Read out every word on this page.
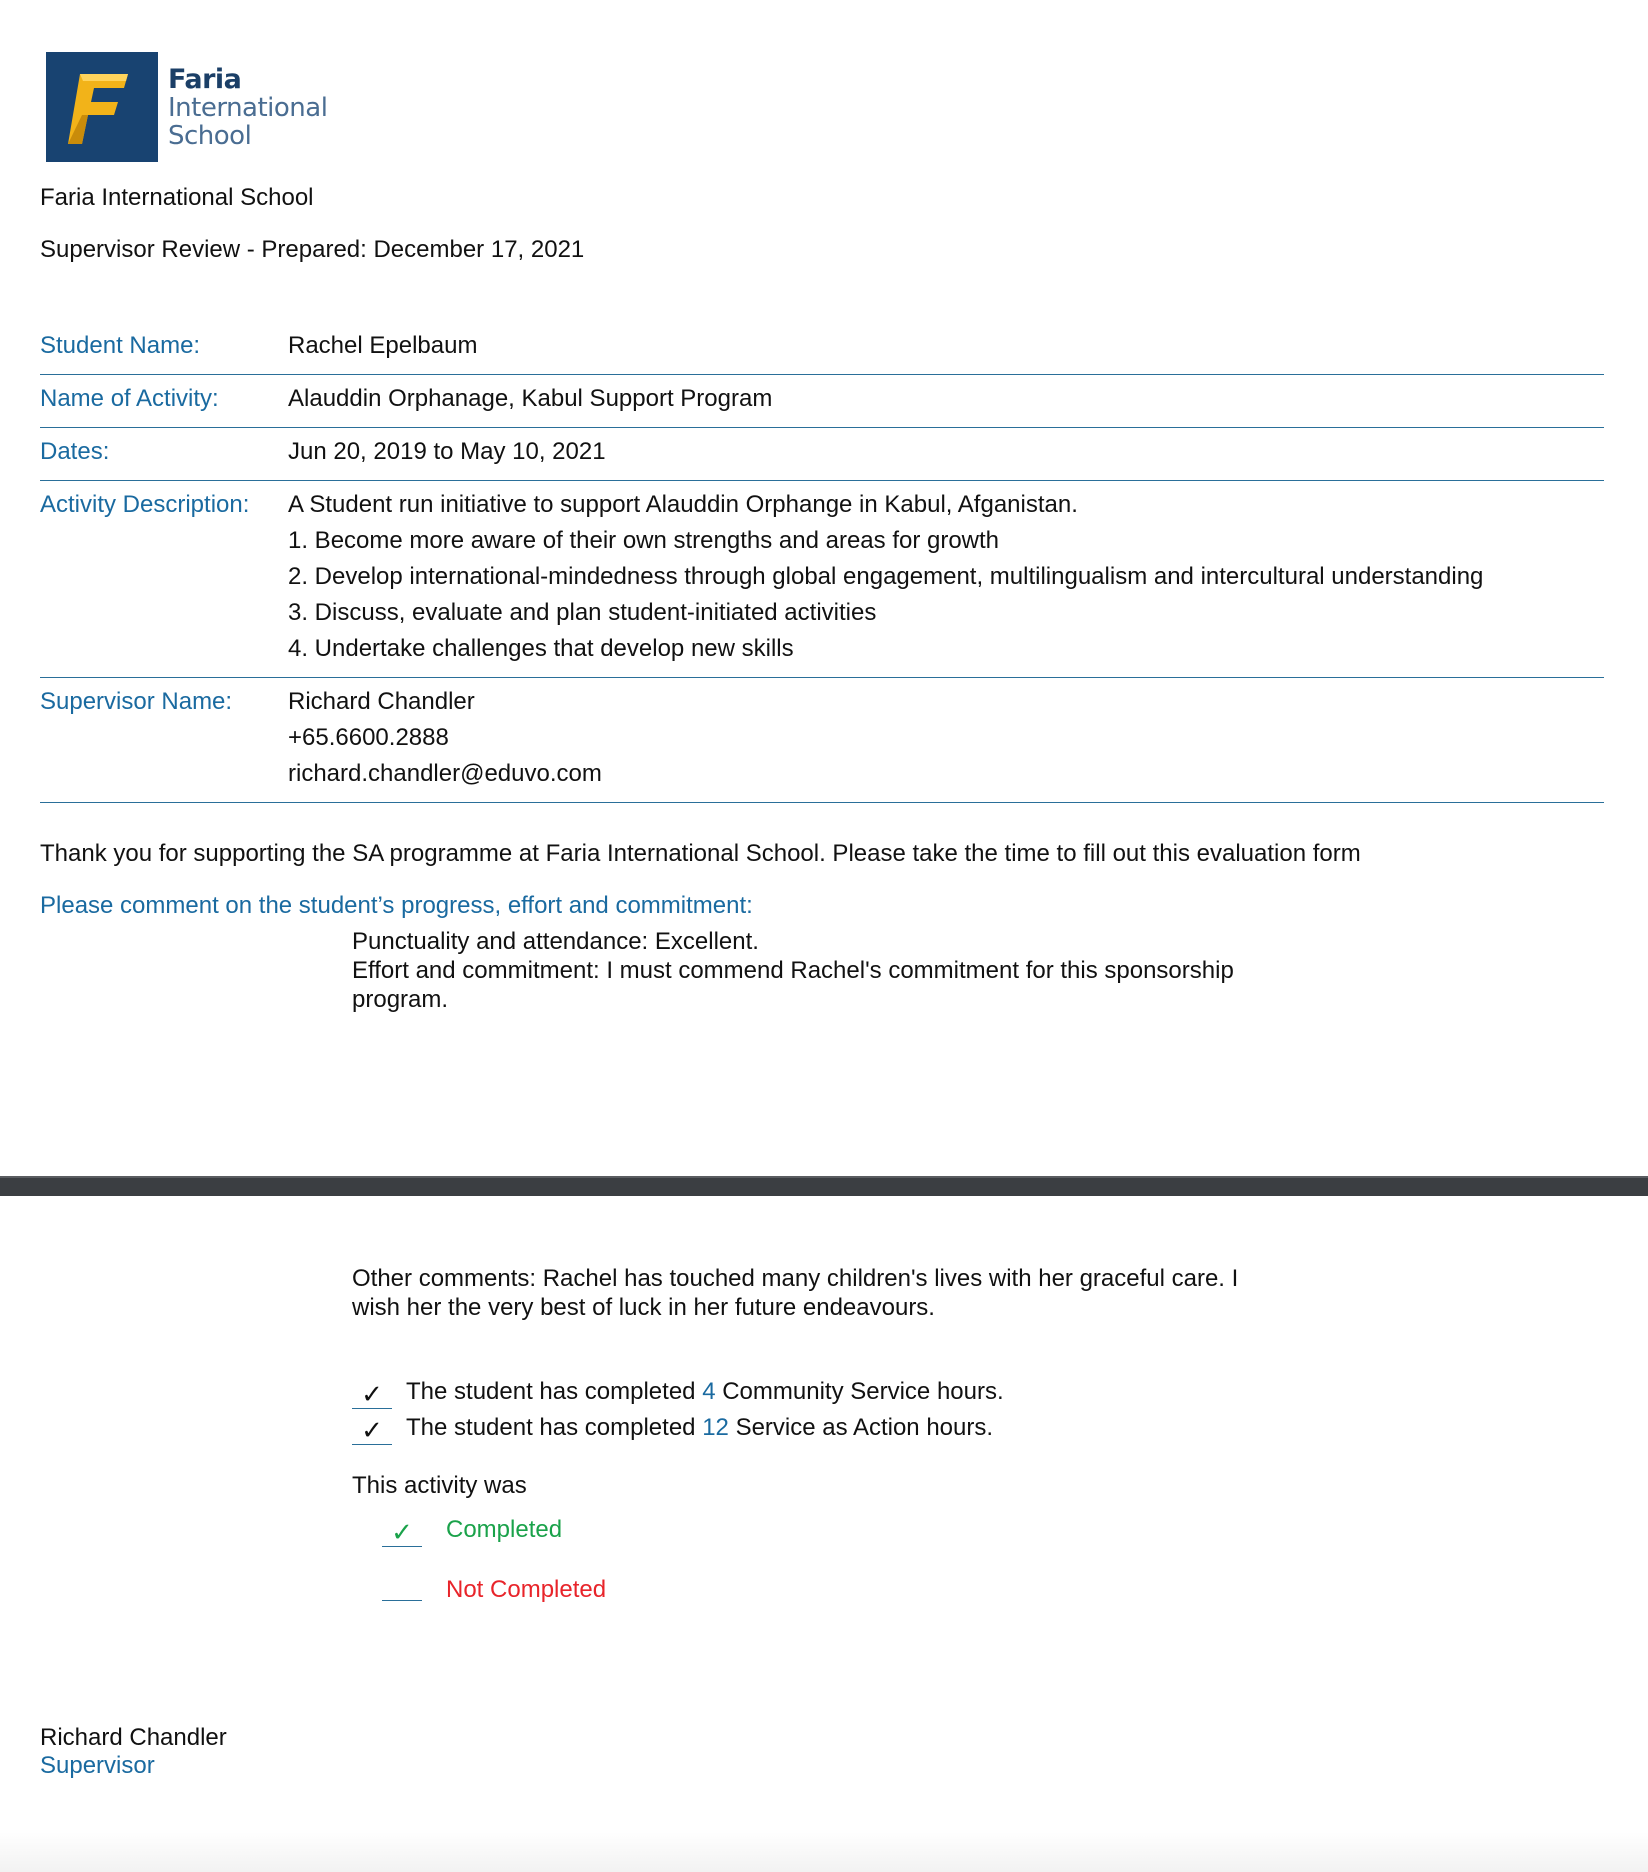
Faria
International
School
Faria International School
Supervisor Review - Prepared: December 17, 2021
Student Name:	Rachel Epelbaum
Name of Activity:	Alauddin Orphanage, Kabul Support Program
Dates:	Jun 20, 2019 to May 10, 2021
Activity Description:	A Student run initiative to support Alauddin Orphange in Kabul, Afganistan.
1. Become more aware of their own strengths and areas for growth
2. Develop international-mindedness through global engagement, multilingualism and intercultural understanding
3. Discuss, evaluate and plan student-initiated activities
4. Undertake challenges that develop new skills
Supervisor Name:	Richard Chandler
+65.6600.2888
richard.chandler@eduvo.com
Thank you for supporting the SA programme at Faria International School. Please take the time to fill out this evaluation form
Please comment on the student’s progress, effort and commitment:
Punctuality and attendance: Excellent.
Effort and commitment: I must commend Rachel's commitment for this sponsorship program.
Other comments: Rachel has touched many children's lives with her graceful care. I wish her the very best of luck in her future endeavours.
✓ The student has completed
4
Community Service hours.
✓ The student has completed
12
Service as Action hours.
This activity was
✓	Completed
Not Completed
Richard Chandler
Supervisor
